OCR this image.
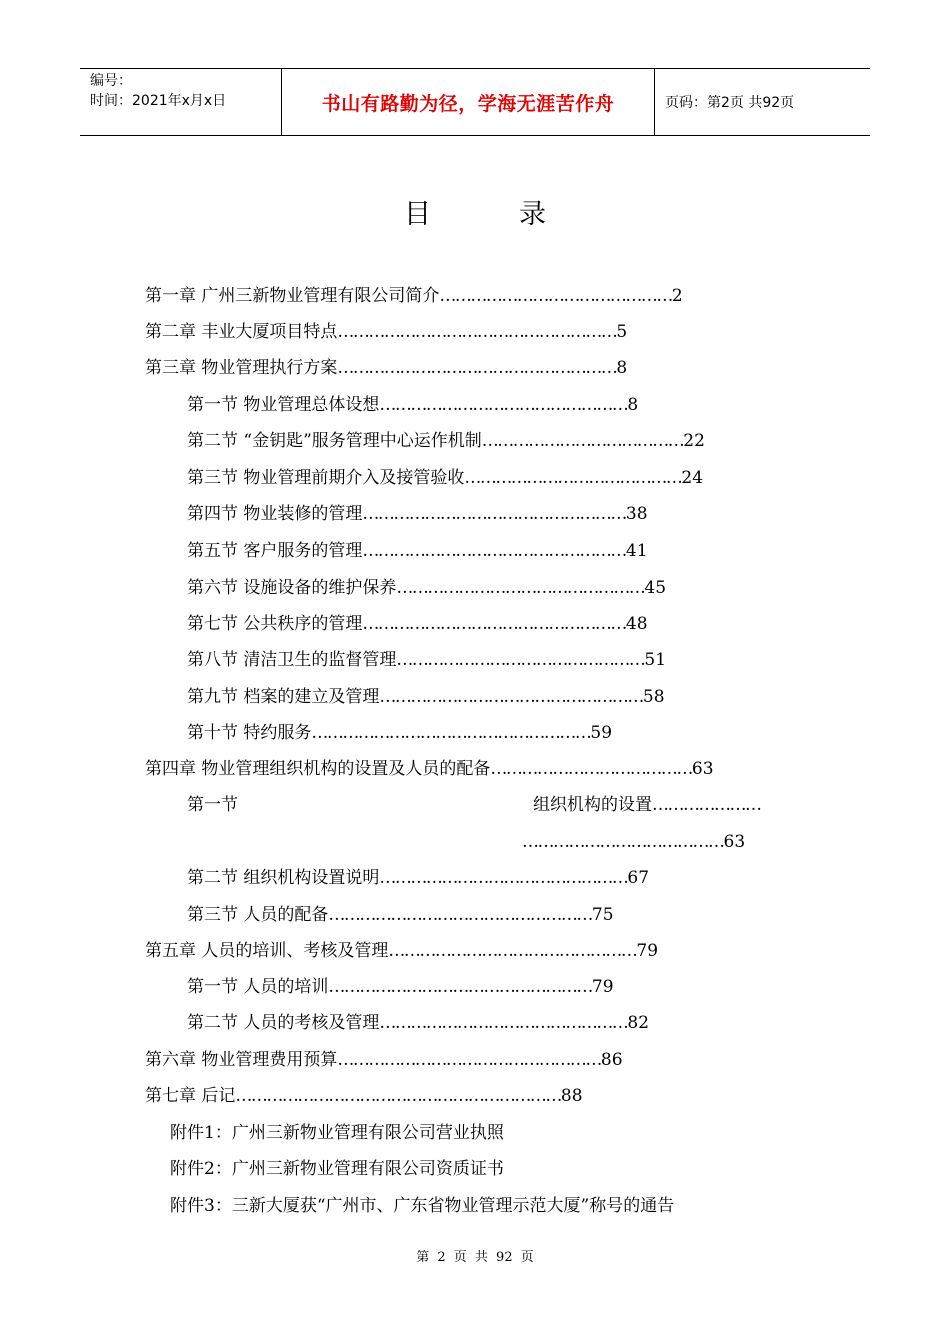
编号：
时间：2021年x月x日	书山有路勤为径，学海无涯苦作舟	页码：第2页 共92页
目	录
第一章 广州三新物业管理有限公司简介………………………………………2
第二章 丰业大厦项目特点………………………………………………5
第三章 物业管理执行方案………………………………………………8
第一节 物业管理总体设想…………………………………………8
第二节 “金钥匙”服务管理中心运作机制…………………………………22
第三节 物业管理前期介入及接管验收……………………………………24
第四节 物业装修的管理……………………………………………38
第五节 客户服务的管理……………………………………………41
第六节 设施设备的维护保养…………………………………………45
第七节 公共秩序的管理……………………………………………48
第八节 清洁卫生的监督管理…………………………………………51
第九节 档案的建立及管理……………………………………………58
第十节 特约服务………………………………………………59
第四章 物业管理组织机构的设置及人员的配备…………………………………63
第一节	组织机构的设置…………………
…………………………………63
第二节 组织机构设置说明…………………………………………67
第三节 人员的配备……………………………………………75
第五章 人员的培训、考核及管理…………………………………………79
第一节 人员的培训……………………………………………79
第二节 人员的考核及管理…………………………………………82
第六章 物业管理费用预算……………………………………………86
第七章 后记………………………………………………………88
附件1：广州三新物业管理有限公司营业执照
附件2：广州三新物业管理有限公司资质证书
附件3：三新大厦获“广州市、广东省物业管理示范大厦”称号的通告
第 2 页 共 92 页
